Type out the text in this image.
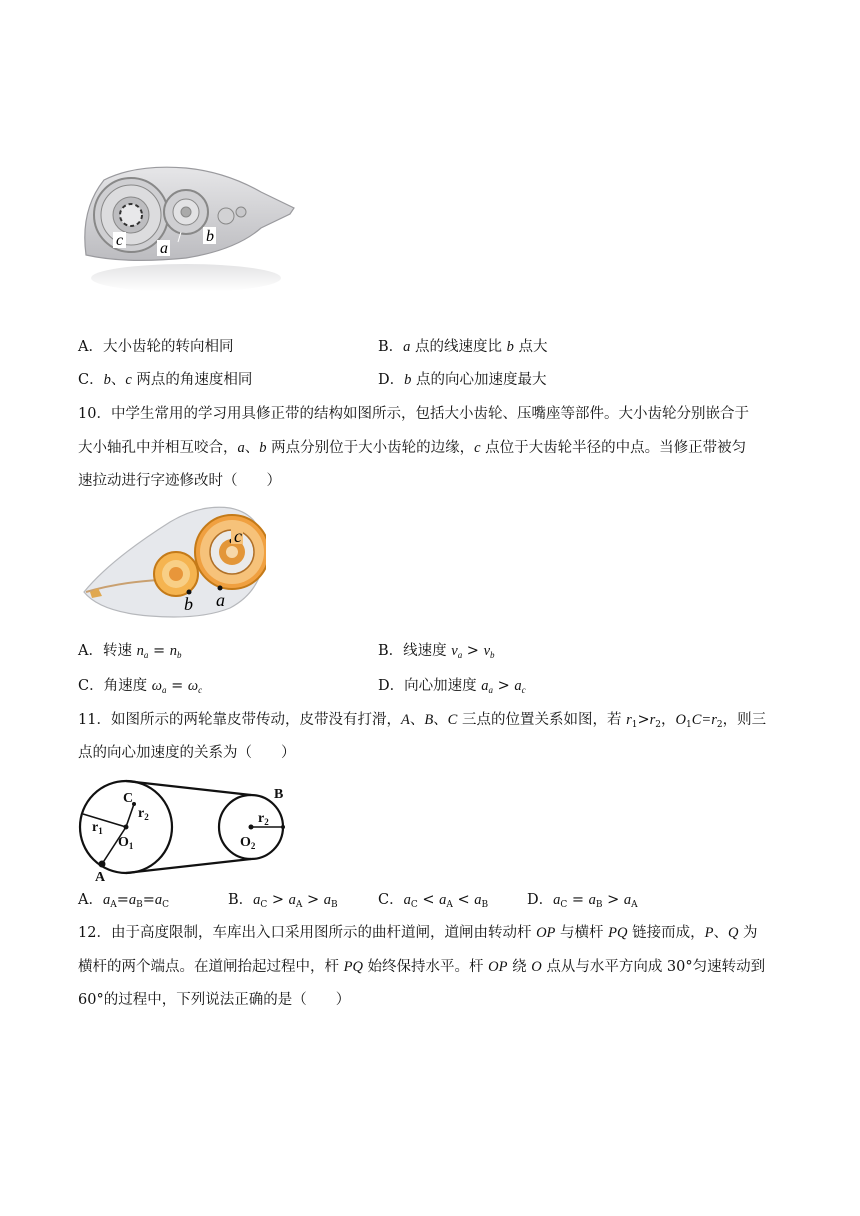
c a
b
A．大小齿轮的转向相同	B．a 点的线速度比 b 点大
C．b、c 两点的角速度相同	D．b 点的向心加速度最大
10．中学生常用的学习用具修正带的结构如图所示，包括大小齿轮、压嘴座等部件。大小齿轮分别嵌合于
大小轴孔中并相互咬合，a、b 两点分别位于大小齿轮的边缘，c 点位于大齿轮半径的中点。当修正带被匀
速拉动进行字迹修改时（　　）
c
b a
A．转速 $n_a = n_b$	B．线速度 $v_a > v_b$
C．角速度 $\omega_a = \omega_c$	D．向心加速度 $a_a > a_c$
11．如图所示的两轮靠皮带传动，皮带没有打滑，A、B、C 三点的位置关系如图，若 $r_1>r_2$，$O_1C=r_2$，则三
点的向心加速度的关系为（　　）
C
$r_2$
$r_1$
$O_1$
A
B
$r_2$
$O_2$
A．$a_A=a_B=a_C$	B．$a_C > a_A > a_B$	C．$a_C < a_A < a_B$	D．$a_C = a_B > a_A$
12．由于高度限制，车库出入口采用图所示的曲杆道闸，道闸由转动杆 OP 与横杆 PQ 链接而成，P、Q 为
横杆的两个端点。在道闸抬起过程中，杆 PQ 始终保持水平。杆 OP 绕 O 点从与水平方向成 30°匀速转动到
60°的过程中，下列说法正确的是（　　）
